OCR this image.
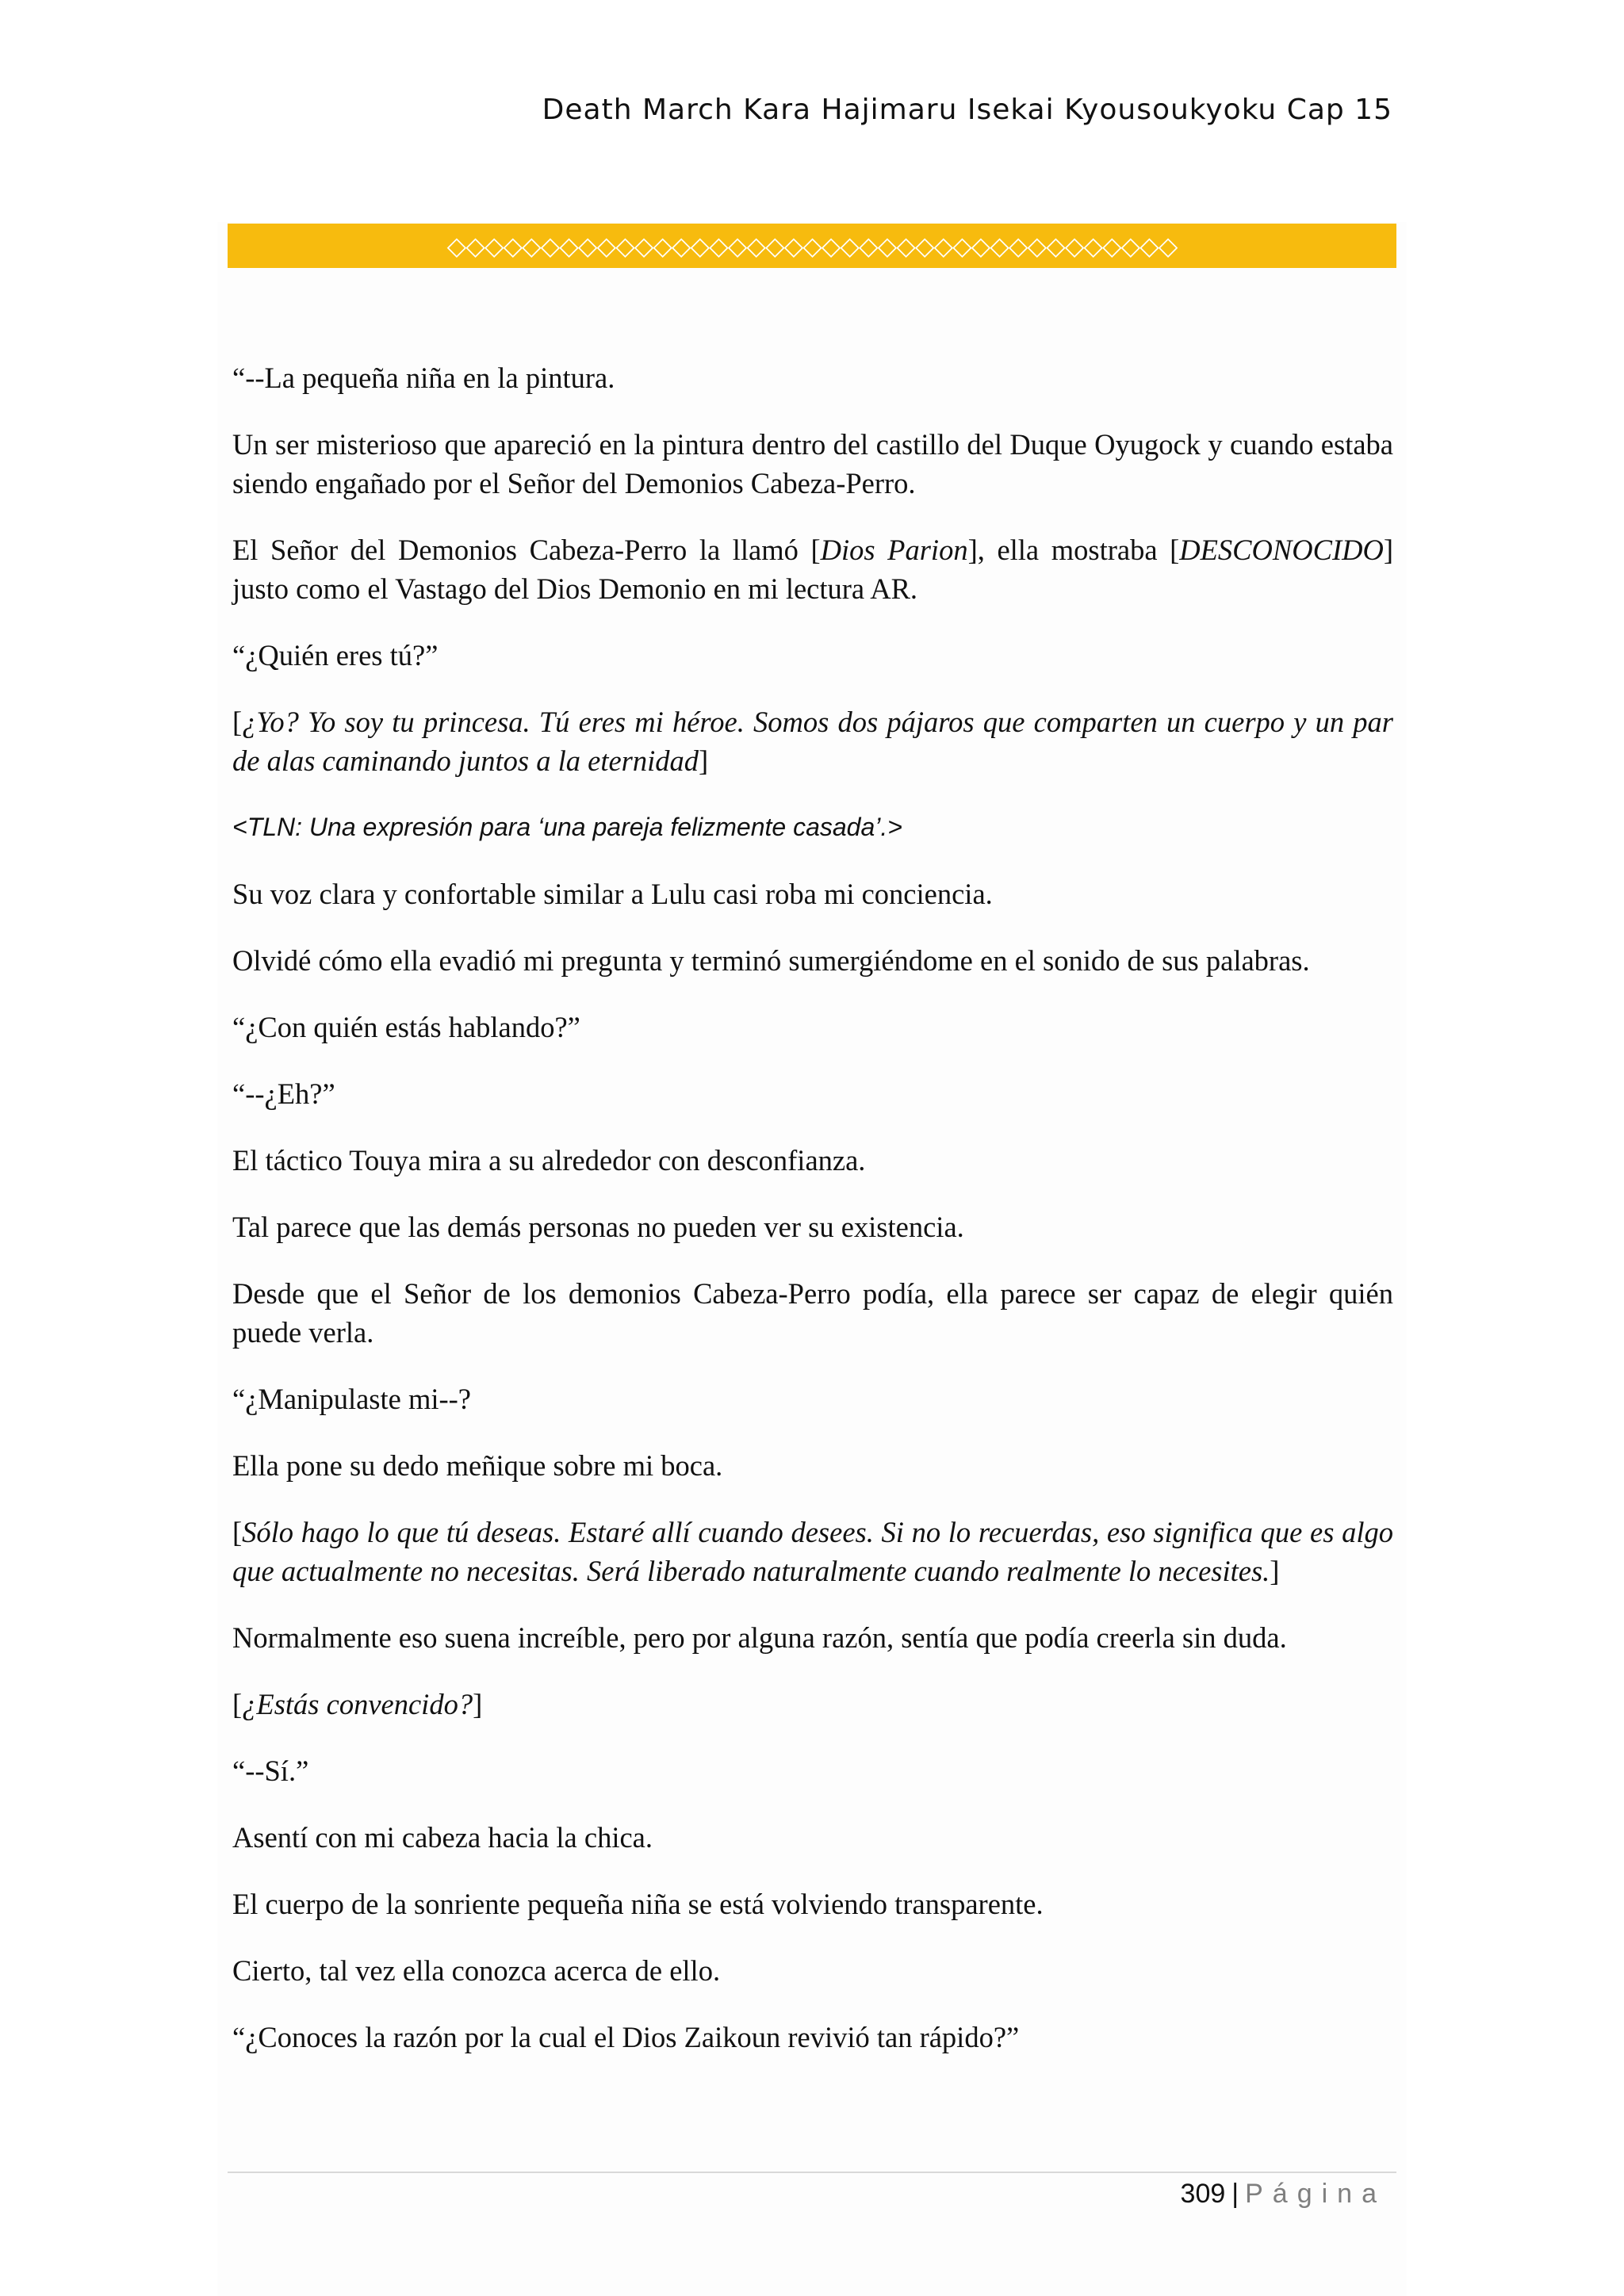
Death March Kara Hajimaru Isekai Kyousoukyoku Cap 15
◇◇◇◇◇◇◇◇◇◇◇◇◇◇◇◇◇◇◇◇◇◇◇◇◇◇◇◇◇◇◇◇◇◇◇◇◇◇◇

“--La pequeña niña en la pintura.

Un ser misterioso que apareció en la pintura dentro del castillo del Duque Oyugock y cuando estaba siendo engañado por el Señor del Demonios Cabeza-Perro.

El Señor del Demonios Cabeza-Perro la llamó [Dios Parion], ella mostraba [DESCONOCIDO] justo como el Vastago del Dios Demonio en mi lectura AR.

“¿Quién eres tú?”

[¿Yo? Yo soy tu princesa. Tú eres mi héroe. Somos dos pájaros que comparten un cuerpo y un par de alas caminando juntos a la eternidad]

<TLN: Una expresión para ‘una pareja felizmente casada’.>

Su voz clara y confortable similar a Lulu casi roba mi conciencia.

Olvidé cómo ella evadió mi pregunta y terminó sumergiéndome en el sonido de sus palabras.

“¿Con quién estás hablando?”

“--¿Eh?”

El táctico Touya mira a su alrededor con desconfianza.

Tal parece que las demás personas no pueden ver su existencia.

Desde que el Señor de los demonios Cabeza-Perro podía, ella parece ser capaz de elegir quién puede verla.

“¿Manipulaste mi--?

Ella pone su dedo meñique sobre mi boca.

[Sólo hago lo que tú deseas. Estaré allí cuando desees. Si no lo recuerdas, eso significa que es algo que actualmente no necesitas. Será liberado naturalmente cuando realmente lo necesites.]

Normalmente eso suena increíble, pero por alguna razón, sentía que podía creerla sin duda.

[¿Estás convencido?]

“--Sí.”

Asentí con mi cabeza hacia la chica.

El cuerpo de la sonriente pequeña niña se está volviendo transparente.

Cierto, tal vez ella conozca acerca de ello.

“¿Conoces la razón por la cual el Dios Zaikoun revivió tan rápido?”

309 | Página
